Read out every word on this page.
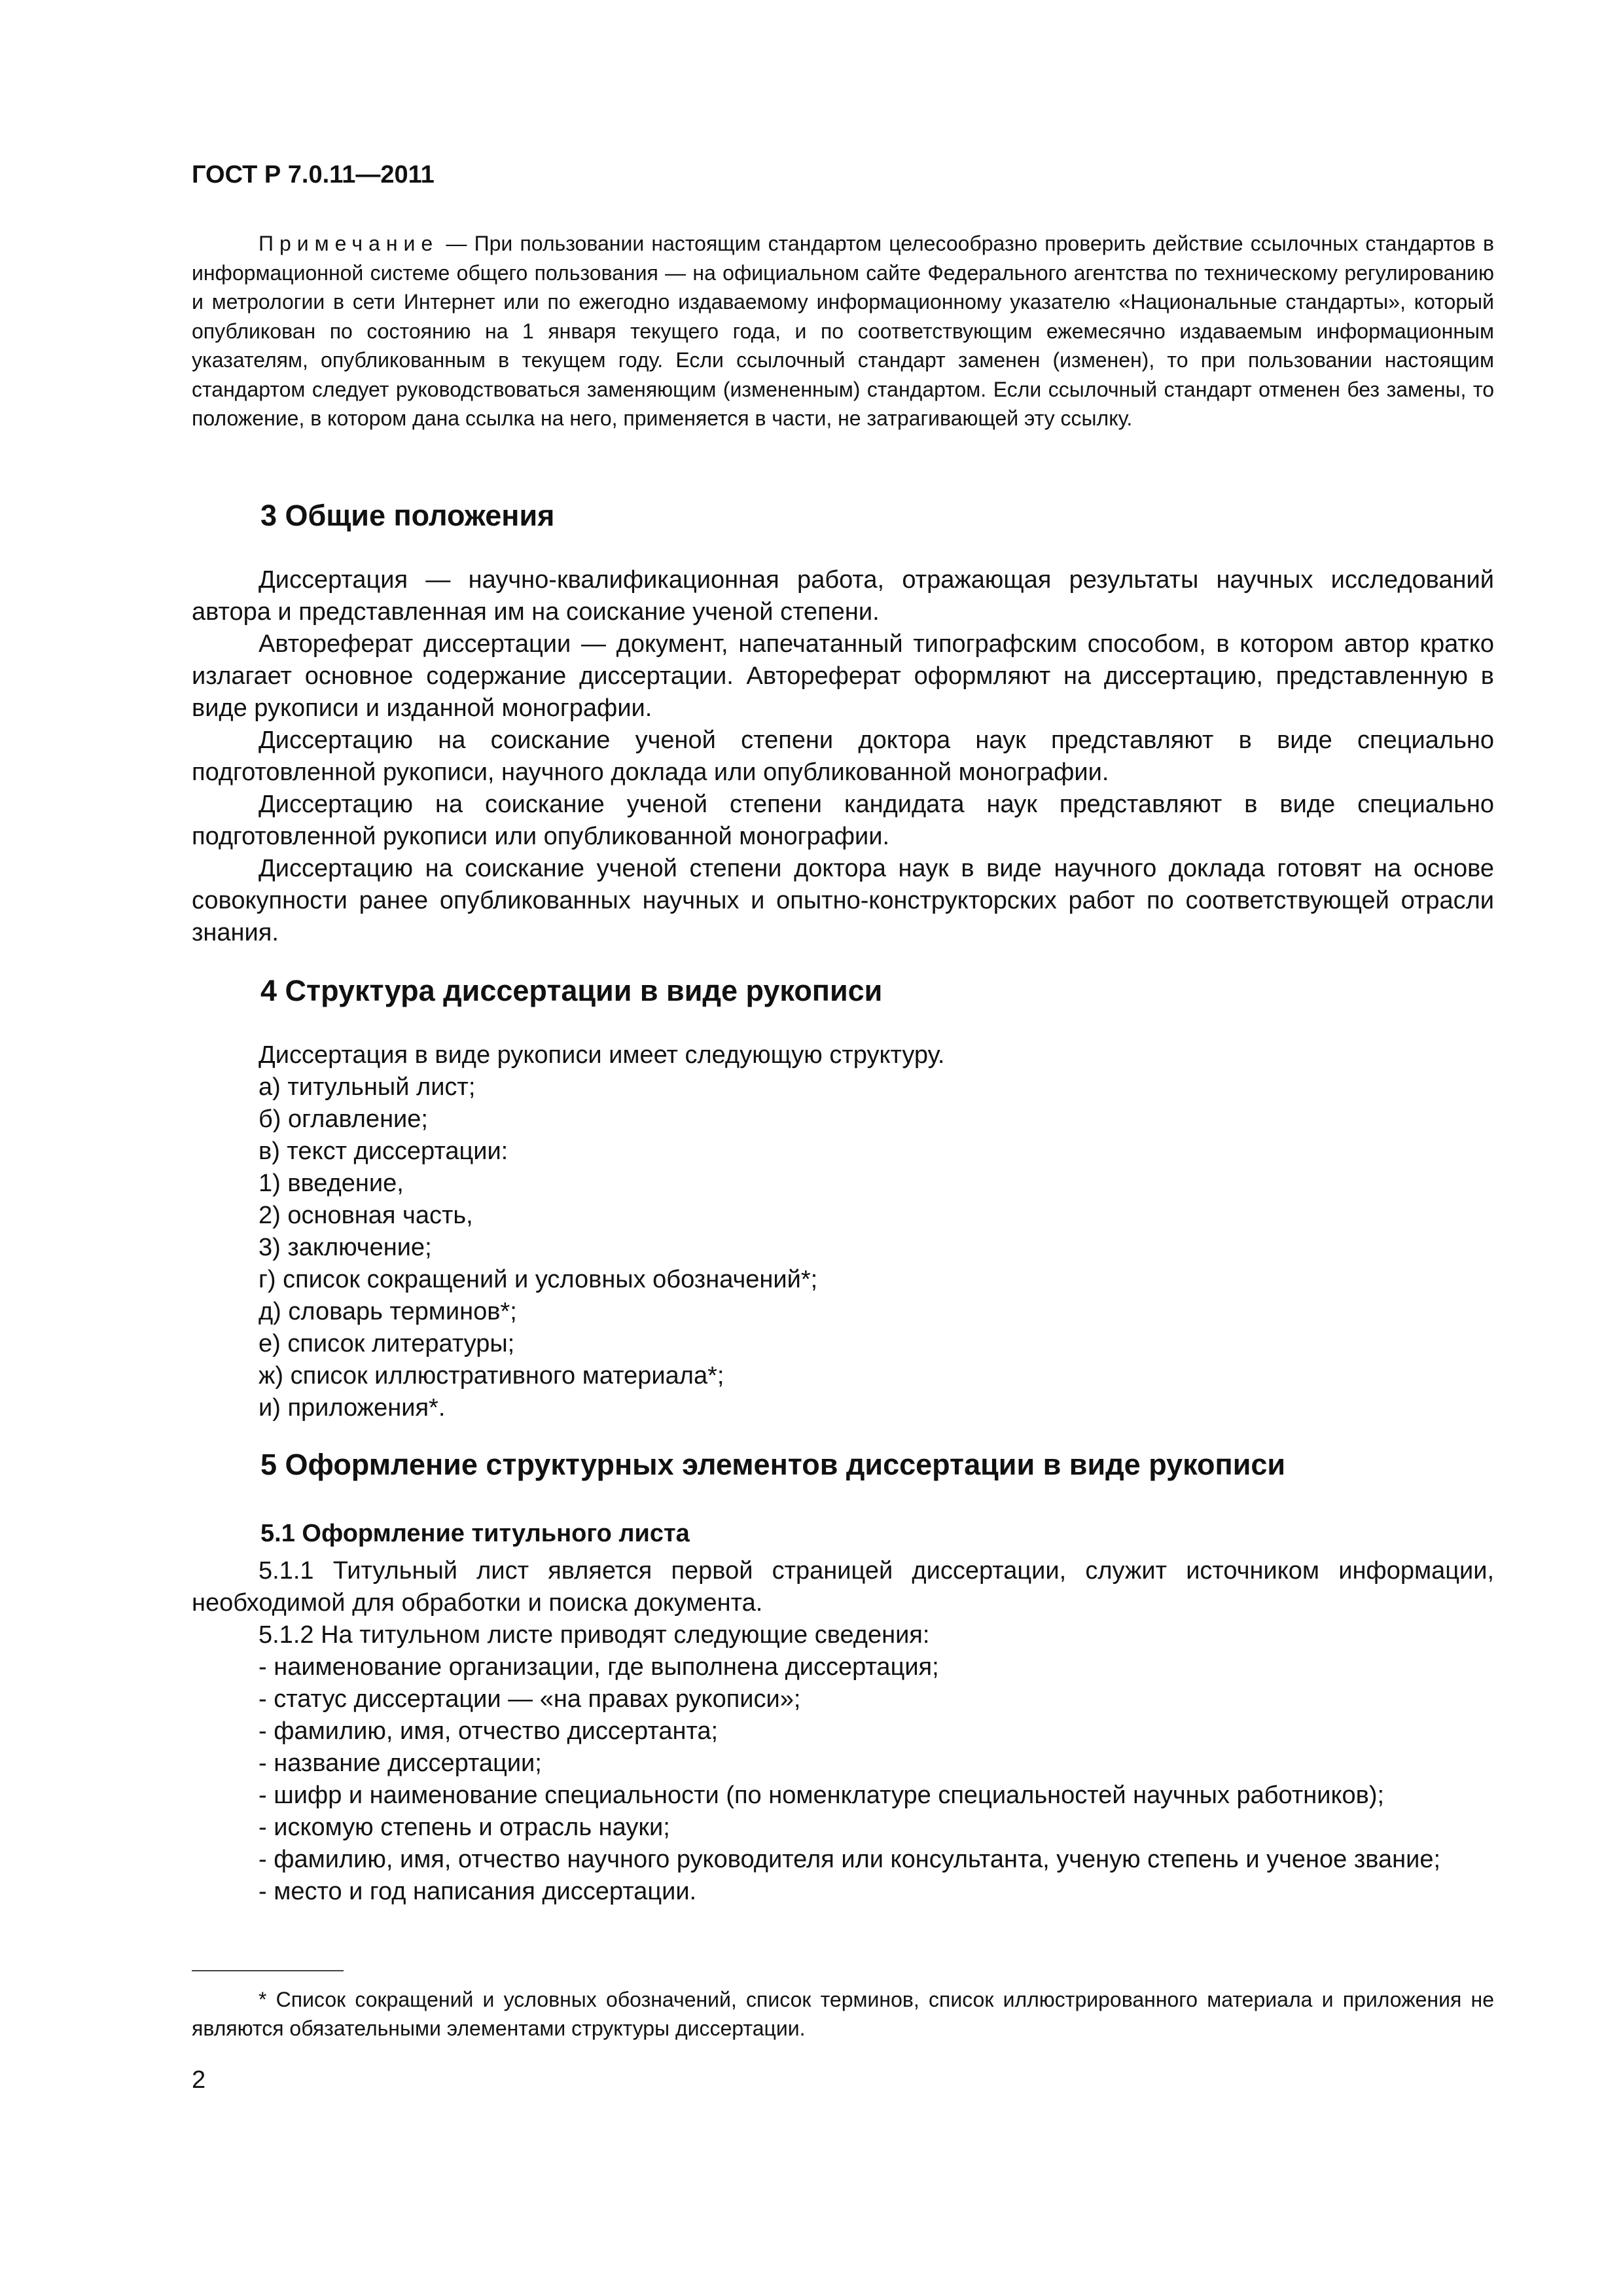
ГОСТ Р 7.0.11—2011

Примечание — При пользовании настоящим стандартом целесообразно проверить действие ссылочных стандартов в информационной системе общего пользования — на официальном сайте Федерального агентства по техническому регулированию и метрологии в сети Интернет или по ежегодно издаваемому информационному указателю «Национальные стандарты», который опубликован по состоянию на 1 января текущего года, и по соответствующим ежемесячно издаваемым информационным указателям, опубликованным в текущем году. Если ссылочный стандарт заменен (изменен), то при пользовании настоящим стандартом следует руководствоваться заменяющим (измененным) стандартом. Если ссылочный стандарт отменен без замены, то положение, в котором дана ссылка на него, применяется в части, не затрагивающей эту ссылку.

3 Общие положения

Диссертация — научно-квалификационная работа, отражающая результаты научных исследований автора и представленная им на соискание ученой степени.

Автореферат диссертации — документ, напечатанный типографским способом, в котором автор кратко излагает основное содержание диссертации. Автореферат оформляют на диссертацию, представленную в виде рукописи и изданной монографии.

Диссертацию на соискание ученой степени доктора наук представляют в виде специально подготовленной рукописи, научного доклада или опубликованной монографии.

Диссертацию на соискание ученой степени кандидата наук представляют в виде специально подготовленной рукописи или опубликованной монографии.

Диссертацию на соискание ученой степени доктора наук в виде научного доклада готовят на основе совокупности ранее опубликованных научных и опытно-конструкторских работ по соответствующей отрасли знания.

4 Структура диссертации в виде рукописи

Диссертация в виде рукописи имеет следующую структуру.

а) титульный лист;

б) оглавление;

в) текст диссертации:

1) введение,

2) основная часть,

3) заключение;

г) список сокращений и условных обозначений*;

д) словарь терминов*;

е) список литературы;

ж) список иллюстративного материала*;

и) приложения*.

5 Оформление структурных элементов диссертации в виде рукописи
5.1 Оформление титульного листа

5.1.1 Титульный лист является первой страницей диссертации, служит источником информации, необходимой для обработки и поиска документа.

5.1.2 На титульном листе приводят следующие сведения:

- наименование организации, где выполнена диссертация;

- статус диссертации — «на правах рукописи»;

- фамилию, имя, отчество диссертанта;

- название диссертации;

- шифр и наименование специальности (по номенклатуре специальностей научных работников);

- искомую степень и отрасль науки;

- фамилию, имя, отчество научного руководителя или консультанта, ученую степень и ученое звание;

- место и год написания диссертации.

* Список сокращений и условных обозначений, список терминов, список иллюстрированного материала и приложения не являются обязательными элементами структуры диссертации.

2
